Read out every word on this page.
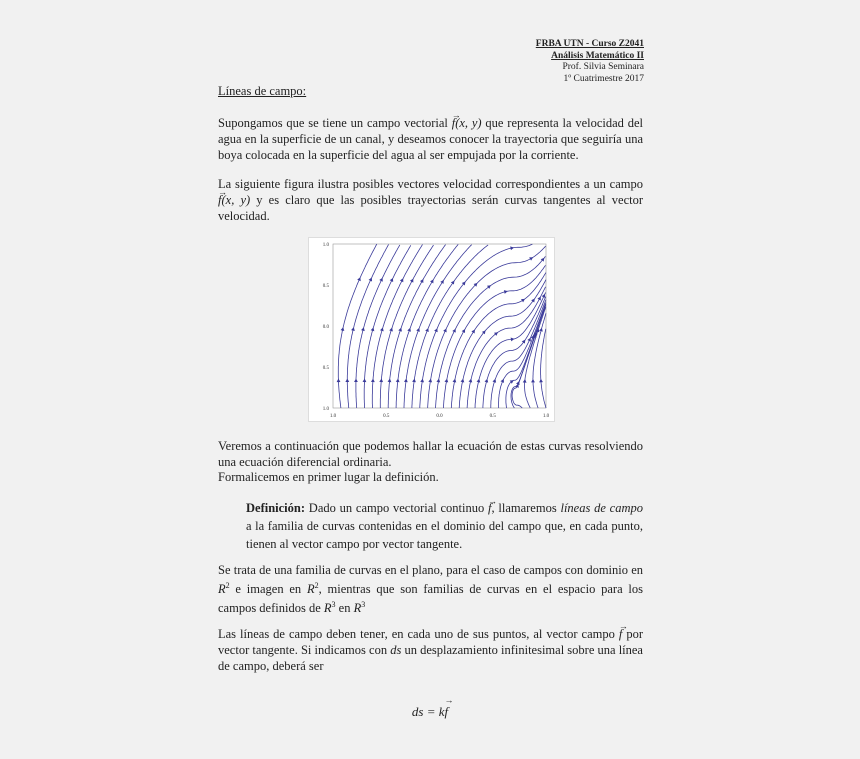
FRBA UTN - Curso Z2041
Análisis Matemático II
Prof. Silvia Seminara
1º Cuatrimestre 2017
Líneas de campo:
Supongamos que se tiene un campo vectorial → f(x, y) que representa la velocidad del agua en la superficie de un canal, y deseamos conocer la trayectoria que seguiría una boya colocada en la superficie del agua al ser empujada por la corriente.
La siguiente figura ilustra posibles vectores velocidad correspondientes a un campo → f(x, y) y es claro que las posibles trayectorias serán curvas tangentes al vector velocidad.
1.0
0.5
0.0
0.5
1.0
1.0	0.5	0.0	0.5	1.0
Veremos a continuación que podemos hallar la ecuación de estas curvas resolviendo una ecuación diferencial ordinaria.
Formalicemos en primer lugar la definición.
Definición: Dado un campo vectorial continuo → f, llamaremos líneas de campo a la familia de curvas contenidas en el dominio del campo que, en cada punto, tienen al vector campo por vector tangente.
Se trata de una familia de curvas en el plano, para el caso de campos con dominio en $R^2$ e imagen en $R^2$, mientras que son familias de curvas en el espacio para los campos definidos de $R^3$ en $R^3$
Las líneas de campo deben tener, en cada uno de sus puntos, al vector campo → f por vector tangente. Si indicamos con ds un desplazamiento infinitesimal sobre una línea de campo, deberá ser
ds = k→ f
